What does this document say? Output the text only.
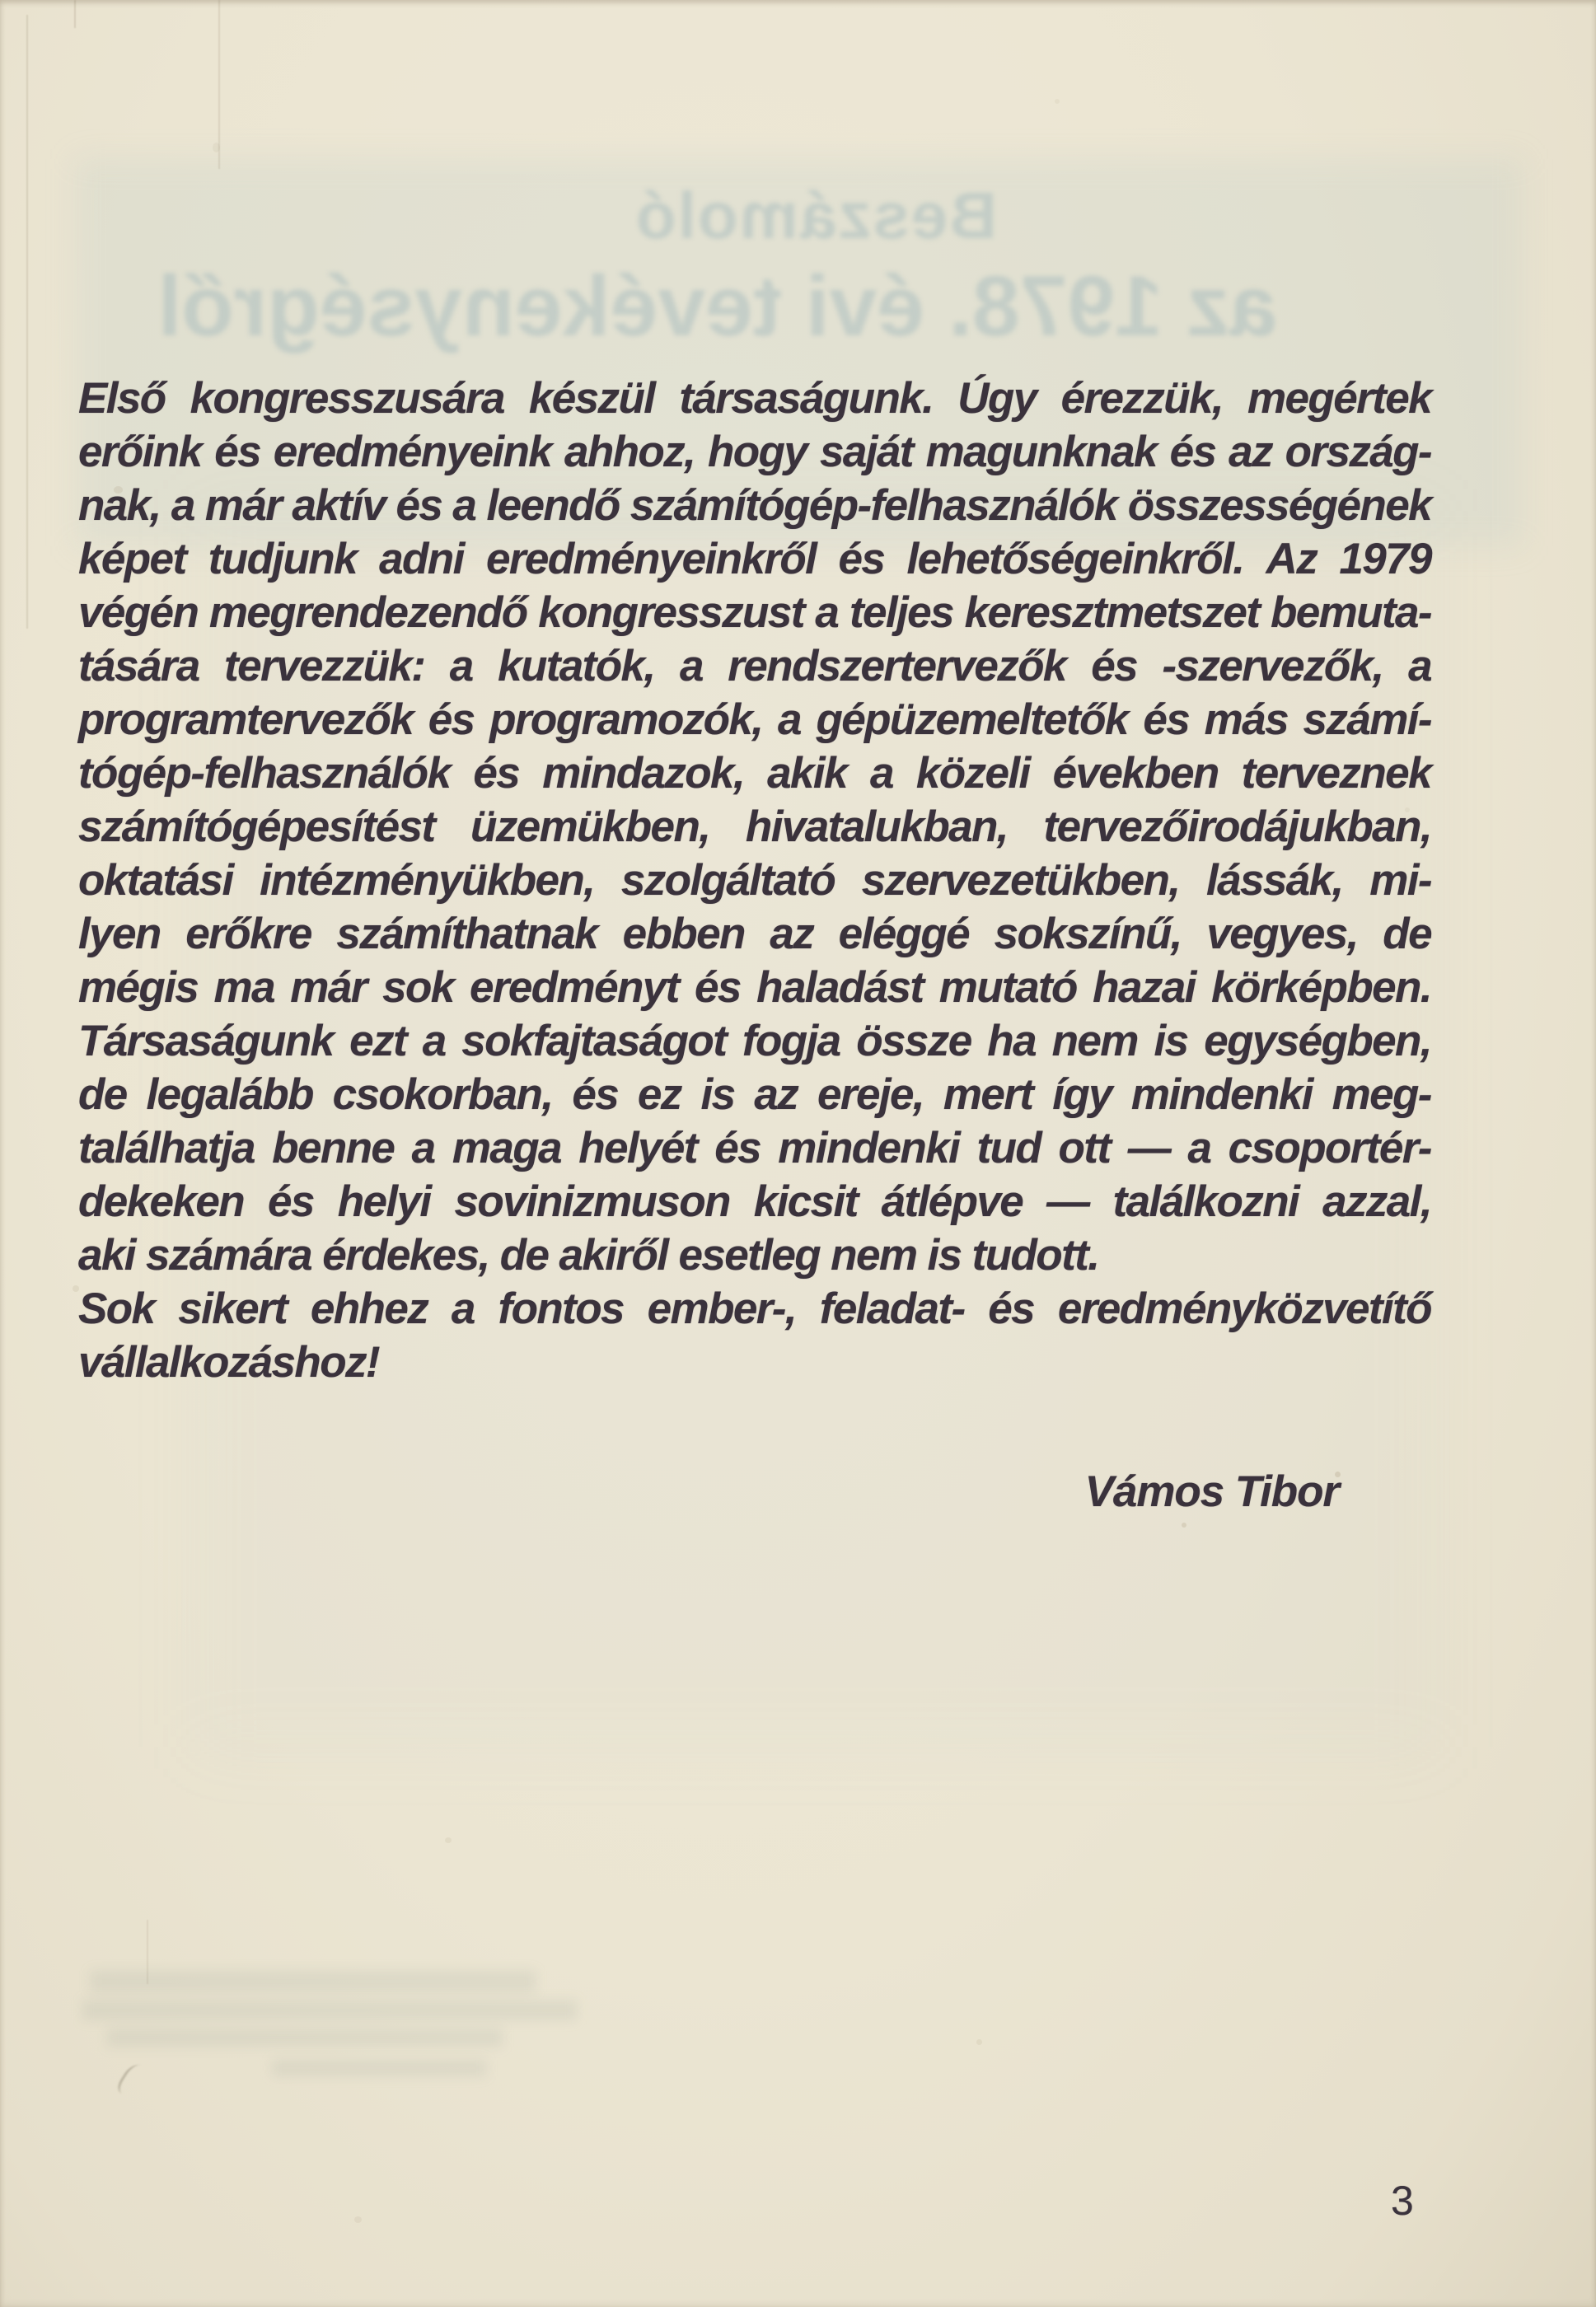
Beszámoló
az 1978. évi tevékenységről
Első kongresszusára készül társaságunk. Úgy érezzük, megértek
erőink és eredményeink ahhoz, hogy saját magunknak és az ország-
nak, a már aktív és a leendő számítógép-felhasználók összességének
képet tudjunk adni eredményeinkről és lehetőségeinkről. Az 1979
végén megrendezendő kongresszust a teljes keresztmetszet bemuta-
tására tervezzük: a kutatók, a rendszertervezők és -szervezők, a
programtervezők és programozók, a gépüzemeltetők és más számí-
tógép-felhasználók és mindazok, akik a közeli években terveznek
számítógépesítést üzemükben, hivatalukban, tervezőirodájukban,
oktatási intézményükben, szolgáltató szervezetükben, lássák, mi-
lyen erőkre számíthatnak ebben az eléggé sokszínű, vegyes, de
mégis ma már sok eredményt és haladást mutató hazai körképben.
Társaságunk ezt a sokfajtaságot fogja össze ha nem is egységben,
de legalább csokorban, és ez is az ereje, mert így mindenki meg-
találhatja benne a maga helyét és mindenki tud ott — a csoportér-
dekeken és helyi sovinizmuson kicsit átlépve — találkozni azzal,
aki számára érdekes, de akiről esetleg nem is tudott.
Sok sikert ehhez a fontos ember-, feladat- és eredményközvetítő
vállalkozáshoz!
Vámos Tibor
3
